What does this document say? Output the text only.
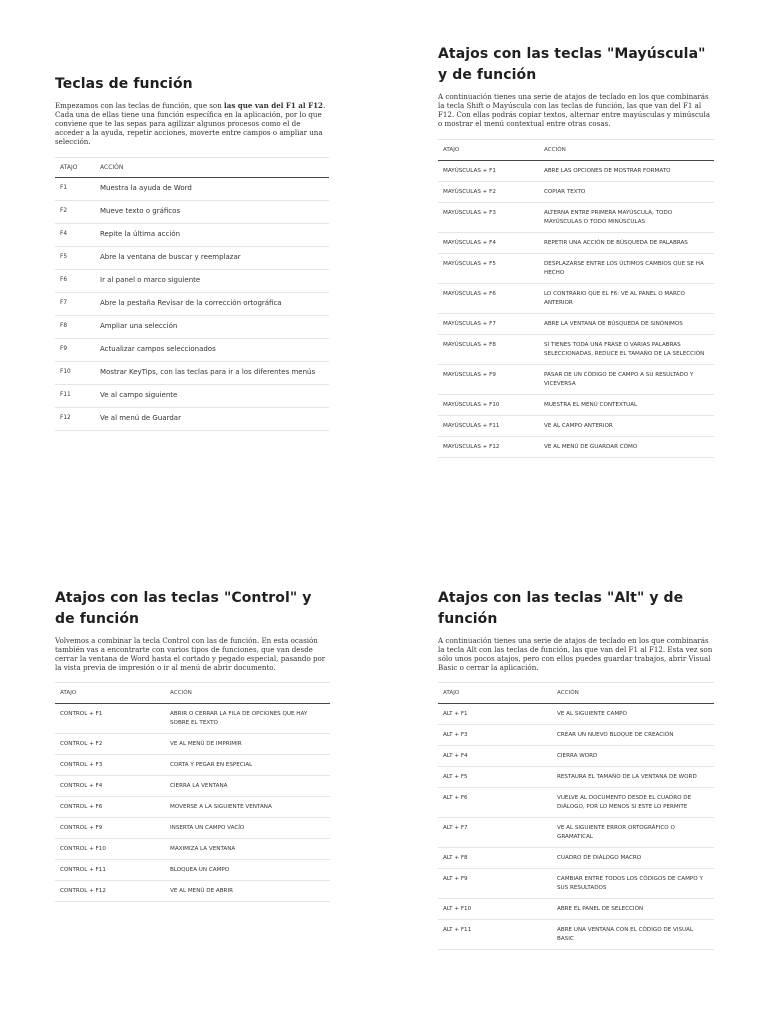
Teclas de función

Empezamos con las teclas de función, que son las que van del F1 al F12. Cada una de ellas tiene una función específica en la aplicación, por lo que conviene que te las sepas para agilizar algunos procesos como el de acceder a la ayuda, repetir acciones, moverte entre campos o ampliar una selección.

ATAJO	ACCIÓN
F1	Muestra la ayuda de Word
F2	Mueve texto o gráficos
F4	Repite la última acción
F5	Abre la ventana de buscar y reemplazar
F6	Ir al panel o marco siguiente
F7	Abre la pestaña Revisar de la corrección ortográfica
F8	Ampliar una selección
F9	Actualizar campos seleccionados
F10	Mostrar KeyTips, con las teclas para ir a los diferentes menús
F11	Ve al campo siguiente
F12	Ve al menú de Guardar
Atajos con las teclas "Mayúscula" y de función

A continuación tienes una serie de atajos de teclado en los que combinarás la tecla Shift o Mayúscula con las teclas de función, las que van del F1 al F12. Con ellas podrás copiar textos, alternar entre mayúsculas y minúscula o mostrar el menú contextual entre otras cosas.

ATAJO	ACCIÓN
MAYÚSCULAS + F1	ABRE LAS OPCIONES DE MOSTRAR FORMATO
MAYÚSCULAS + F2	COPIAR TEXTO
MAYÚSCULAS + F3	ALTERNA ENTRE PRIMERA MAYÚSCULA, TODO MAYÚSCULAS O TODO MINÚSCULAS
MAYÚSCULAS + F4	REPETIR UNA ACCIÓN DE BÚSQUEDA DE PALABRAS
MAYÚSCULAS + F5	DESPLAZARSE ENTRE LOS ÚLTIMOS CAMBIOS QUE SE HA HECHO
MAYÚSCULAS + F6	LO CONTRARIO QUE EL F6: VE AL PANEL O MARCO ANTERIOR
MAYÚSCULAS + F7	ABRE LA VENTANA DE BÚSQUEDA DE SINÓNIMOS
MAYÚSCULAS + F8	SI TIENES TODA UNA FRASE O VARIAS PALABRAS SELECCIONADAS, REDUCE EL TAMAÑO DE LA SELECCIÓN
MAYÚSCULAS + F9	PASAR DE UN CÓDIGO DE CAMPO A SU RESULTADO Y VICEVERSA
MAYÚSCULAS + F10	MUESTRA EL MENÚ CONTEXTUAL
MAYÚSCULAS + F11	VE AL CAMPO ANTERIOR
MAYÚSCULAS + F12	VE AL MENÚ DE GUARDAR CÓMO
Atajos con las teclas "Control" y de función

Volvemos a combinar la tecla Control con las de función. En esta ocasión también vas a encontrarte con varios tipos de funciones, que van desde cerrar la ventana de Word hasta el cortado y pegado especial, pasando por la vista previa de impresión o ir al menú de abrir documento.

ATAJO	ACCIÓN
CONTROL + F1	ABRIR O CERRAR LA FILA DE OPCIONES QUE HAY SOBRE EL TEXTO
CONTROL + F2	VE AL MENÚ DE IMPRIMIR
CONTROL + F3	CORTA Y PEGAR EN ESPECIAL
CONTROL + F4	CIERRA LA VENTANA
CONTROL + F6	MOVERSE A LA SIGUIENTE VENTANA
CONTROL + F9	INSERTA UN CAMPO VACÍO
CONTROL + F10	MAXIMIZA LA VENTANA
CONTROL + F11	BLOQUEA UN CAMPO
CONTROL + F12	VE AL MENÚ DE ABRIR
Atajos con las teclas "Alt" y de función

A continuación tienes una serie de atajos de teclado en los que combinarás la tecla Alt con las teclas de función, las que van del F1 al F12. Esta vez son sólo unos pocos atajos, pero con ellos puedes guardar trabajos, abrir Visual Basic o cerrar la aplicación.

ATAJO	ACCIÓN
ALT + F1	VE AL SIGUIENTE CAMPO
ALT + F3	CREAR UN NUEVO BLOQUE DE CREACIÓN
ALT + F4	CIERRA WORD
ALT + F5	RESTAURA EL TAMAÑO DE LA VENTANA DE WORD
ALT + F6	VUELVE AL DOCUMENTO DESDE EL CUADRO DE DIÁLOGO, POR LO MENOS SI ESTE LO PERMITE
ALT + F7	VE AL SIGUIENTE ERROR ORTOGRÁFICO O GRAMATICAL
ALT + F8	CUADRO DE DIÁLOGO MACRO
ALT + F9	CAMBIAR ENTRE TODOS LOS CÓDIGOS DE CAMPO Y SUS RESULTADOS
ALT + F10	ABRE EL PANEL DE SELECCIÓN
ALT + F11	ABRE UNA VENTANA CON EL CÓDIGO DE VISUAL BASIC
